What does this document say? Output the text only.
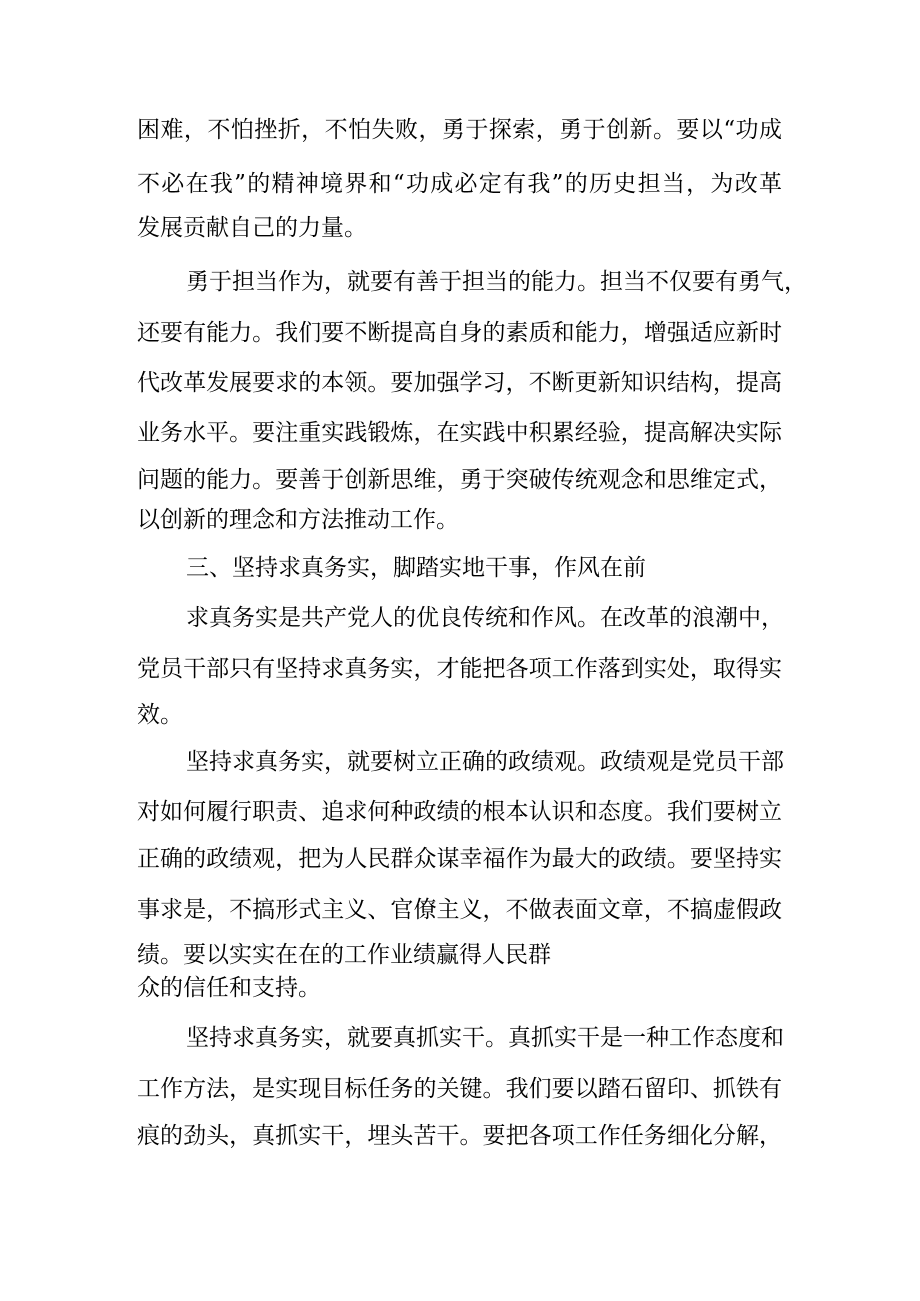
困难，不怕挫折，不怕失败，勇于探索，勇于创新。要以“功成
不必在我”的精神境界和“功成必定有我”的历史担当，为改革
发展贡献自己的力量。
勇于担当作为，就要有善于担当的能力。担当不仅要有勇气，
还要有能力。我们要不断提高自身的素质和能力，增强适应新时
代改革发展要求的本领。要加强学习，不断更新知识结构，提高
业务水平。要注重实践锻炼，在实践中积累经验，提高解决实际
问题的能力。要善于创新思维，勇于突破传统观念和思维定式，
以创新的理念和方法推动工作。
三、坚持求真务实，脚踏实地干事，作风在前
求真务实是共产党人的优良传统和作风。在改革的浪潮中，
党员干部只有坚持求真务实，才能把各项工作落到实处，取得实
效。
坚持求真务实，就要树立正确的政绩观。政绩观是党员干部
对如何履行职责、追求何种政绩的根本认识和态度。我们要树立
正确的政绩观，把为人民群众谋幸福作为最大的政绩。要坚持实
事求是，不搞形式主义、官僚主义，不做表面文章，不搞虚假政
绩。要以实实在在的工作业绩赢得人民群
众的信任和支持。
坚持求真务实，就要真抓实干。真抓实干是一种工作态度和
工作方法，是实现目标任务的关键。我们要以踏石留印、抓铁有
痕的劲头，真抓实干，埋头苦干。要把各项工作任务细化分解，
